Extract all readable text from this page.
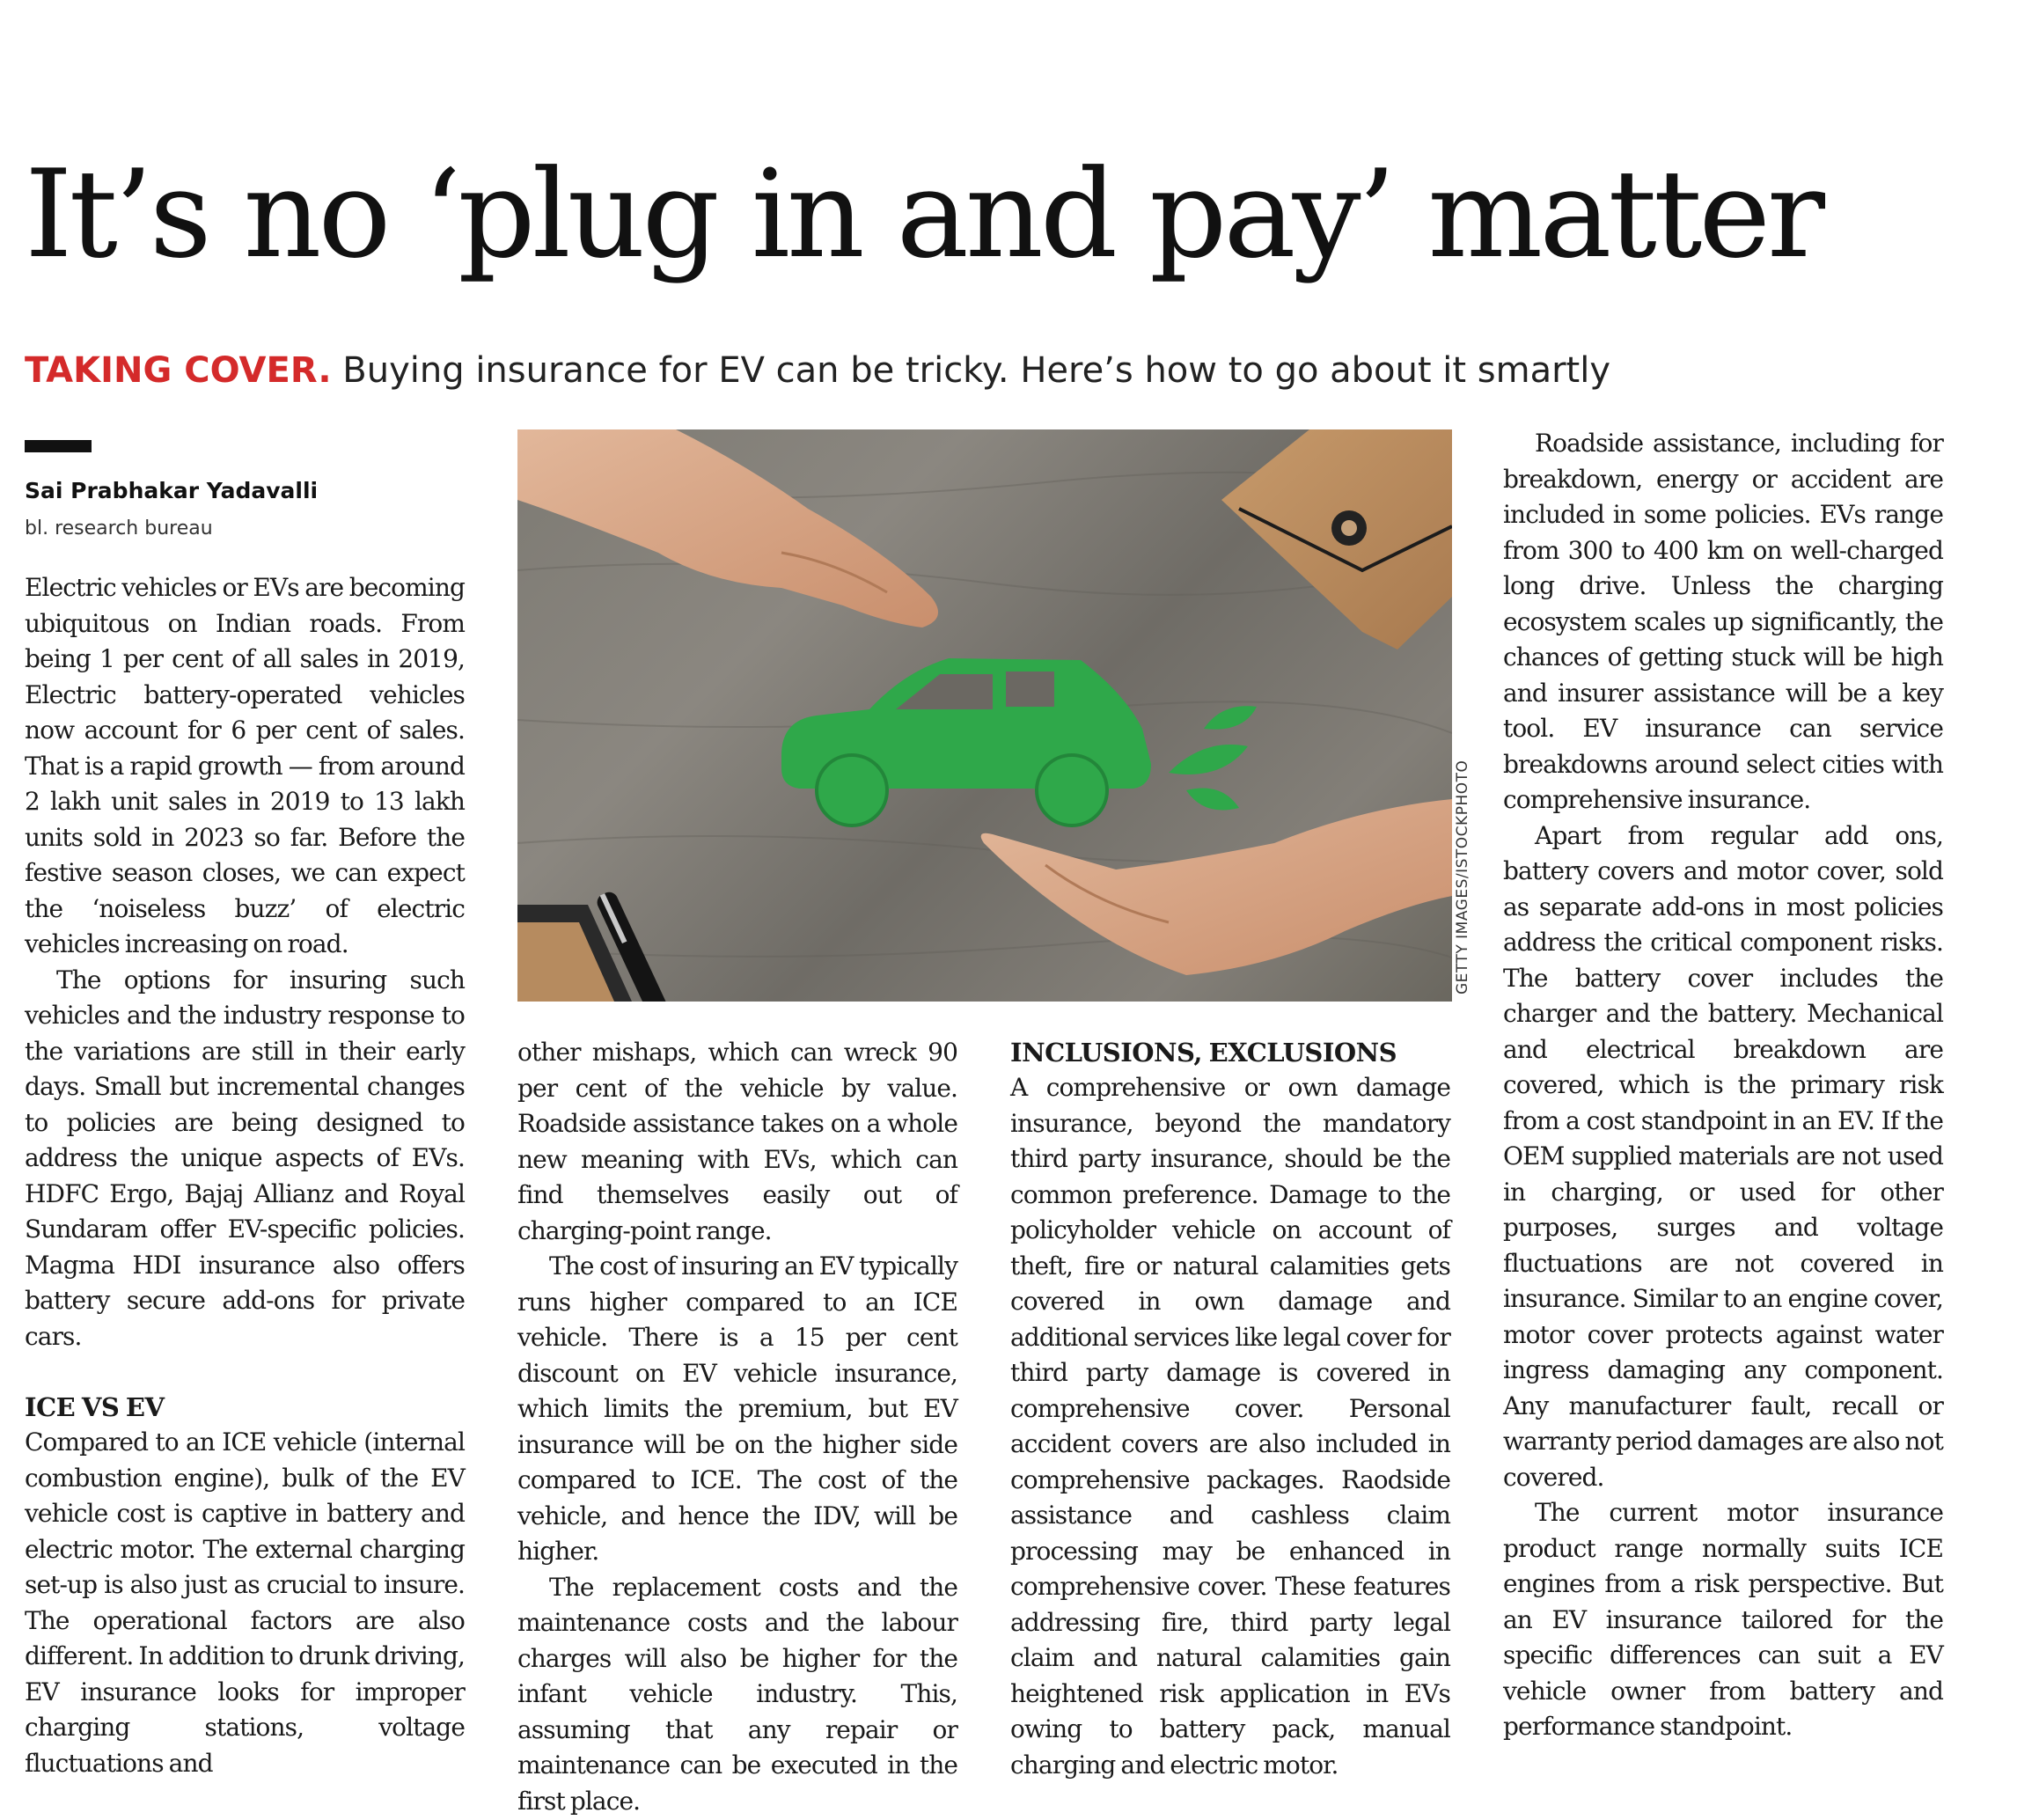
It’s no ‘plug in and pay’ matter
TAKING COVER. Buying insurance for EV can be tricky. Here’s how to go about it smartly
Sai Prabhakar Yadavalli
bl. research bureau
GETTY IMAGES/ISTOCKPHOTO

Electric vehicles or EVs are becoming ubiquitous on Indian roads. From being 1 per cent of all sales in 2019, Electric battery-operated vehicles now account for 6 per cent of sales. That is a rapid growth — from around 2 lakh unit sales in 2019 to 13 lakh units sold in 2023 so far. Before the festive season closes, we can expect the ‘noiseless buzz’ of electric vehicles increasing on road.

The options for insuring such vehicles and the industry response to the variations are still in their early days. Small but incremental changes to policies are being designed to address the unique aspects of EVs. HDFC Ergo, Bajaj Allianz and Royal Sundaram offer EV-specific policies. Magma HDI insurance also offers battery secure add-ons for private cars.

ICE VS EV

Compared to an ICE vehicle (internal combustion engine), bulk of the EV vehicle cost is captive in battery and electric motor. The external charging set-up is also just as crucial to insure. The operational factors are also different. In addition to drunk driving, EV insurance looks for improper charging stations, voltage fluctuations and

other mishaps, which can wreck 90 per cent of the vehicle by value. Roadside assistance takes on a whole new meaning with EVs, which can find themselves easily out of charging-point range.

The cost of insuring an EV typically runs higher compared to an ICE vehicle. There is a 15 per cent discount on EV vehicle insurance, which limits the premium, but EV insurance will be on the higher side compared to ICE. The cost of the vehicle, and hence the IDV, will be higher.

The replacement costs and the maintenance costs and the labour charges will also be higher for the infant vehicle industry. This, assuming that any repair or maintenance can be executed in the first place.

INCLUSIONS, EXCLUSIONS

A comprehensive or own damage insurance, beyond the mandatory third party insurance, should be the common preference. Damage to the policyholder vehicle on account of theft, fire or natural calamities gets covered in own damage and additional services like legal cover for third party damage is covered in comprehensive cover. Personal accident covers are also included in comprehensive packages. Raodside assistance and cashless claim processing may be enhanced in comprehensive cover. These features addressing fire, third party legal claim and natural calamities gain heightened risk application in EVs owing to battery pack, manual charging and electric motor.

Roadside assistance, including for breakdown, energy or accident are included in some policies. EVs range from 300 to 400 km on well-charged long drive. Unless the charging ecosystem scales up significantly, the chances of getting stuck will be high and insurer assistance will be a key tool. EV insurance can service breakdowns around select cities with comprehensive insurance.

Apart from regular add ons, battery covers and motor cover, sold as separate add-ons in most policies address the critical component risks. The battery cover includes the charger and the battery. Mechanical and electrical breakdown are covered, which is the primary risk from a cost standpoint in an EV. If the OEM supplied materials are not used in charging, or used for other purposes, surges and voltage fluctuations are not covered in insurance. Similar to an engine cover, motor cover protects against water ingress damaging any component. Any manufacturer fault, recall or warranty period damages are also not covered.

The current motor insurance product range normally suits ICE engines from a risk perspective. But an EV insurance tailored for the specific differences can suit a EV vehicle owner from battery and performance standpoint.
